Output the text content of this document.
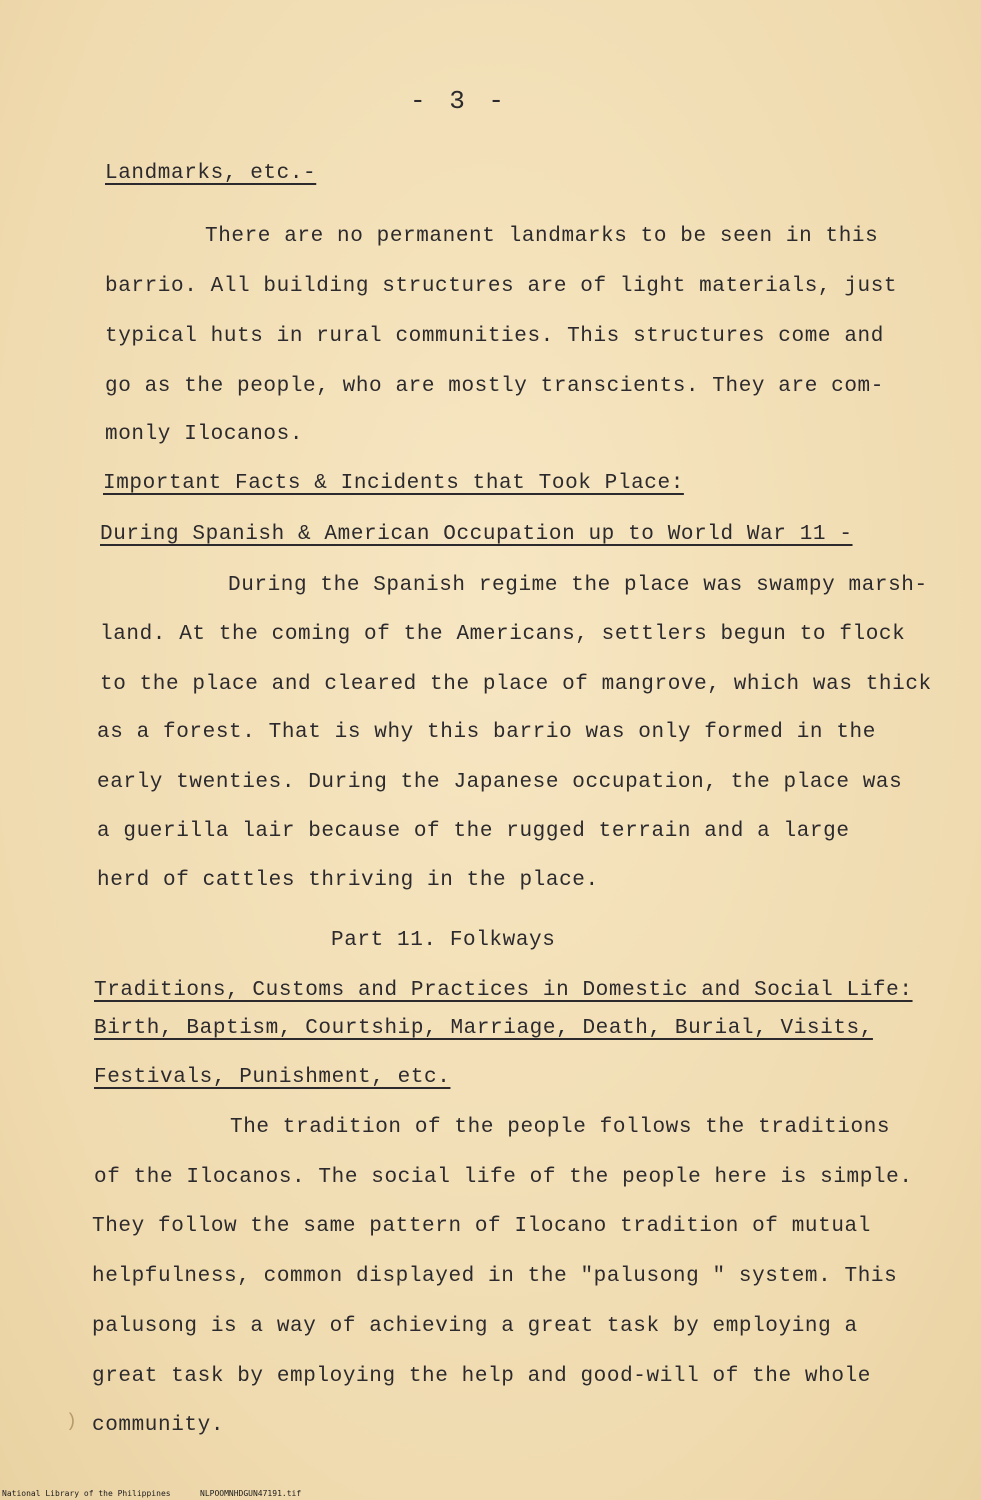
- 3 -
Landmarks, etc.-
There are no permanent landmarks to be seen in this
barrio. All building structures are of light materials, just
typical huts in rural communities. This structures come and
go as the people, who are mostly transcients. They are com-
monly Ilocanos.
Important Facts & Incidents that Took Place:
During Spanish & American Occupation up to World War 11 -
During the Spanish regime the place was swampy marsh-
land. At the coming of the Americans, settlers begun to flock
to the place and cleared the place of mangrove, which was thick
as a forest. That is why this barrio was only formed in the
early twenties. During the Japanese occupation, the place was
a guerilla lair because of the rugged terrain and a large
herd of cattles thriving in the place.
Part 11. Folkways
Traditions, Customs and Practices in Domestic and Social Life:
Birth, Baptism, Courtship, Marriage, Death, Burial, Visits,
Festivals, Punishment, etc.
The tradition of the people follows the traditions
of the Ilocanos. The social life of the people here is simple.
They follow the same pattern of Ilocano tradition of mutual
helpfulness, common displayed in the "palusong " system. This
palusong is a way of achieving a great task by employing a
great task by employing the help and good-will of the whole
community.
)
National Library of the Philippines	NLPOOMNHDGUN47191.tif
